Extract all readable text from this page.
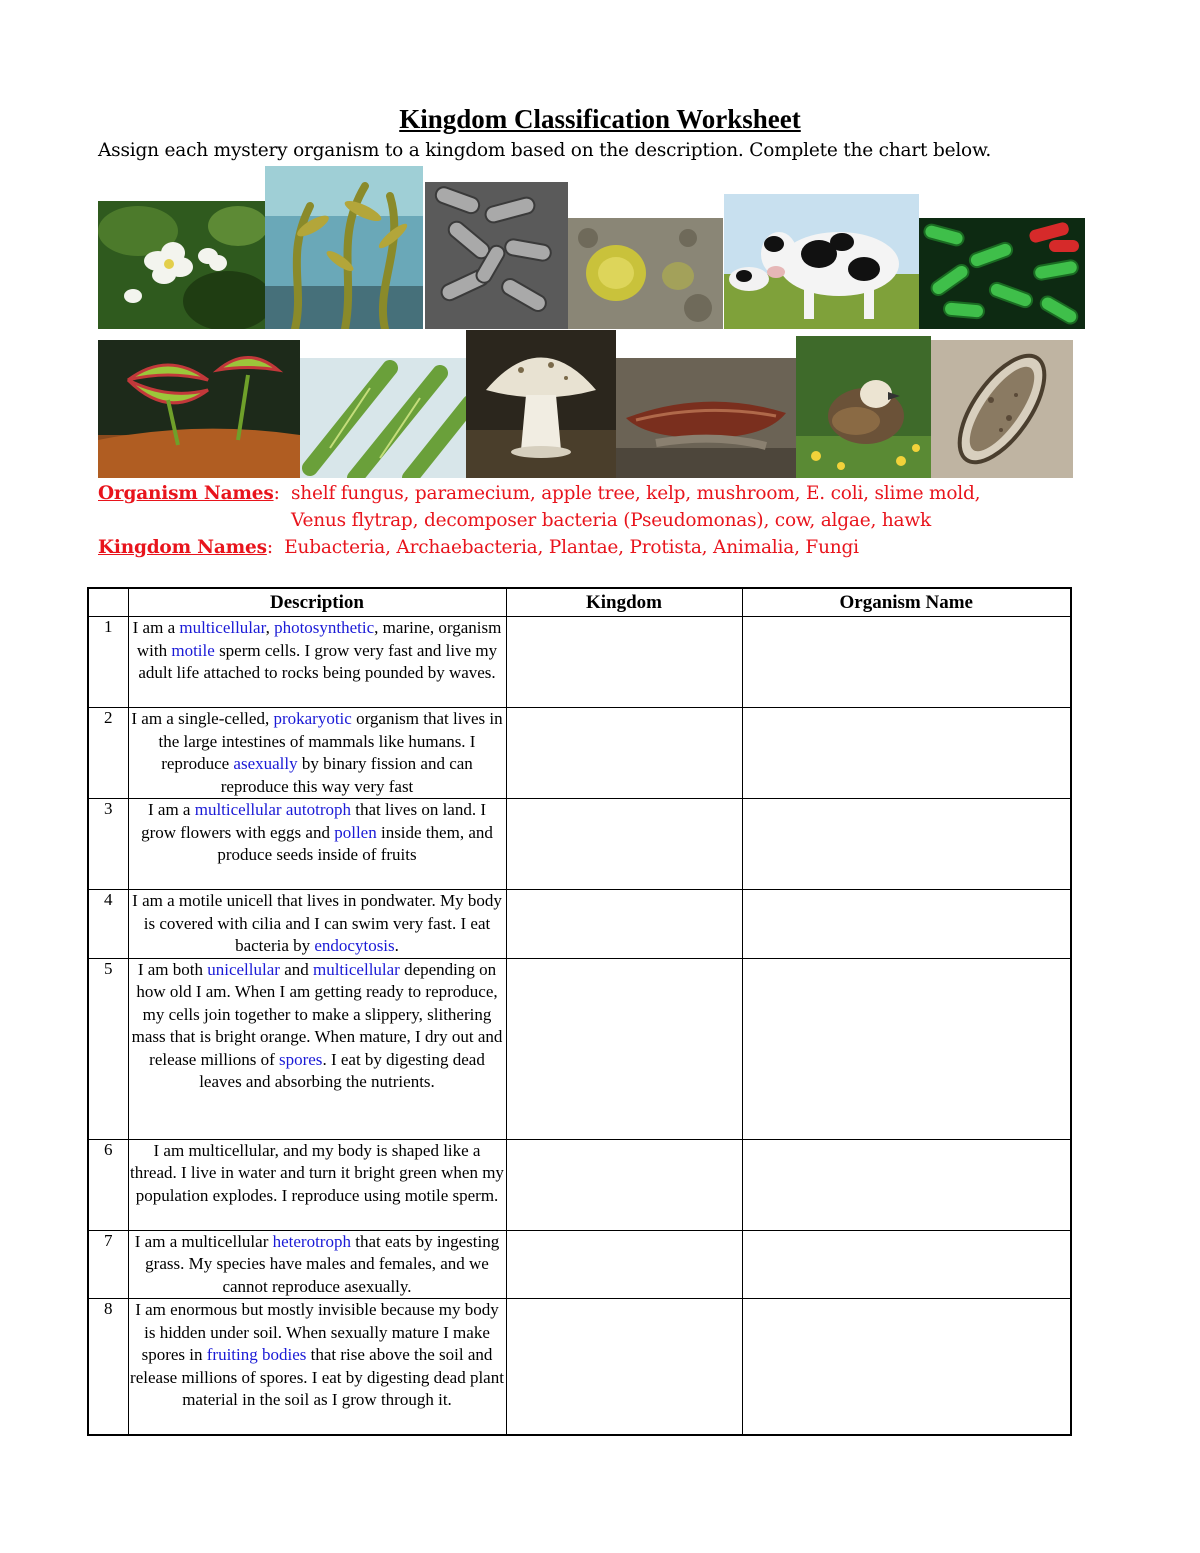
Kingdom Classification Worksheet

Assign each mystery organism to a kingdom based on the description. Complete the chart below.

Organism Names:  shelf fungus, paramecium, apple tree, kelp, mushroom, E. coli, slime mold,
Venus flytrap, decomposer bacteria (Pseudomonas), cow, algae, hawk
Kingdom Names:  Eubacteria, Archaebacteria, Plantae, Protista, Animalia, Fungi
	Description	Kingdom	Organism Name
1	I am a multicellular, photosynthetic, marine, organism with motile sperm cells. I grow very fast and live my adult life attached to rocks being pounded by waves.		
2	I am a single-celled, prokaryotic organism that lives in the large intestines of mammals like humans. I reproduce asexually by binary fission and can reproduce this way very fast		
3	I am a multicellular autotroph that lives on land. I grow flowers with eggs and pollen inside them, and produce seeds inside of fruits		
4	I am a motile unicell that lives in pondwater. My body is covered with cilia and I can swim very fast. I eat bacteria by endocytosis.		
5	I am both unicellular and multicellular depending on how old I am. When I am getting ready to reproduce, my cells join together to make a slippery, slithering mass that is bright orange. When mature, I dry out and release millions of spores. I eat by digesting dead leaves and absorbing the nutrients.		
6	I am multicellular, and my body is shaped like a thread. I live in water and turn it bright green when my population explodes. I reproduce using motile sperm.		
7	I am a multicellular heterotroph that eats by ingesting grass. My species have males and females, and we cannot reproduce asexually.		
8	I am enormous but mostly invisible because my body is hidden under soil. When sexually mature I make spores in fruiting bodies that rise above the soil and release millions of spores. I eat by digesting dead plant material in the soil as I grow through it.		
